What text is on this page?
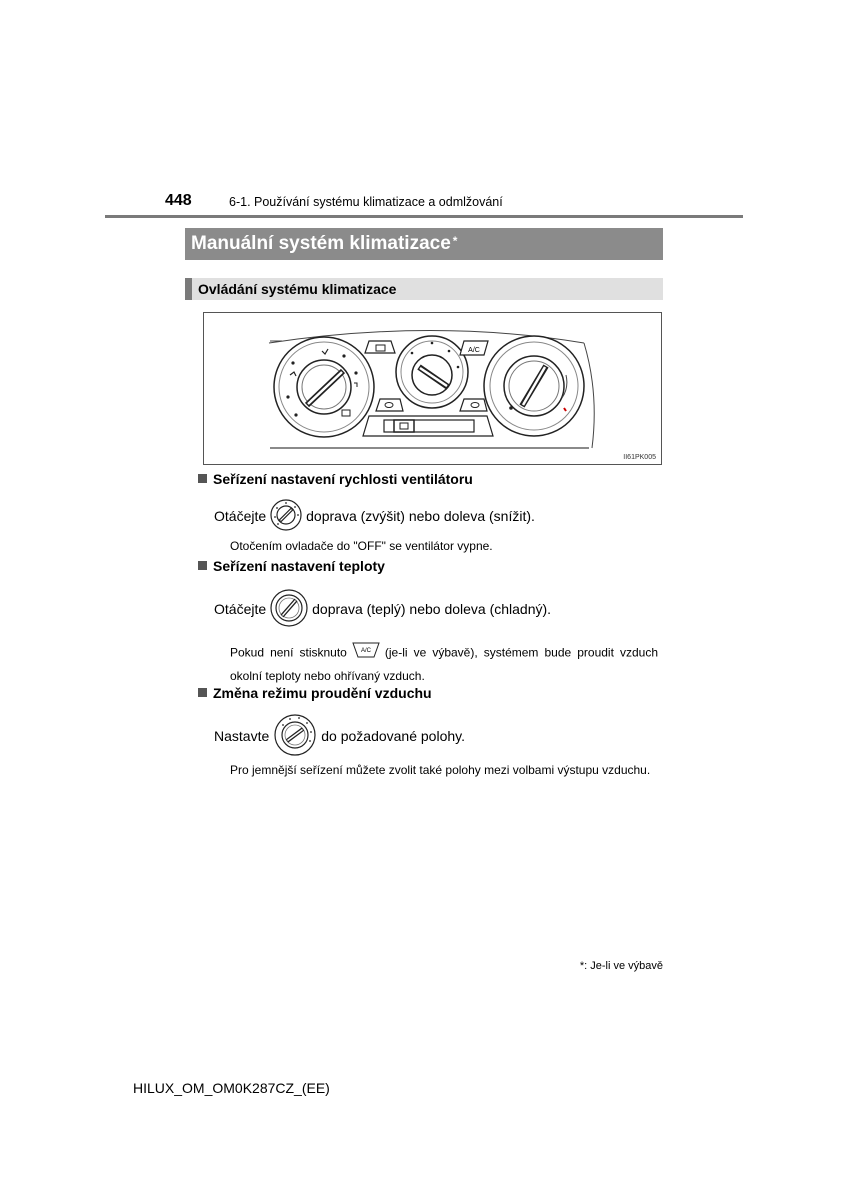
448	6-1. Používání systému klimatizace a odmlžování
Manuální systém klimatizace*
Ovládání systému klimatizace
A/C
II61PK005
Seřízení nastavení rychlosti ventilátoru
Otáčejte	doprava (zvýšit) nebo doleva (snížit).
Otočením ovladače do "OFF" se ventilátor vypne.
Seřízení nastavení teploty
Otáčejte	doprava (teplý) nebo doleva (chladný).
Pokud není stisknuto A/C (je-li ve výbavě), systémem bude proudit vzduch okolní teploty nebo ohřívaný vzduch.
Změna režimu proudění vzduchu
Nastavte	do požadované polohy.
Pro jemnější seřízení můžete zvolit také polohy mezi volbami výstupu vzduchu.
*: Je-li ve výbavě
HILUX_OM_OM0K287CZ_(EE)
